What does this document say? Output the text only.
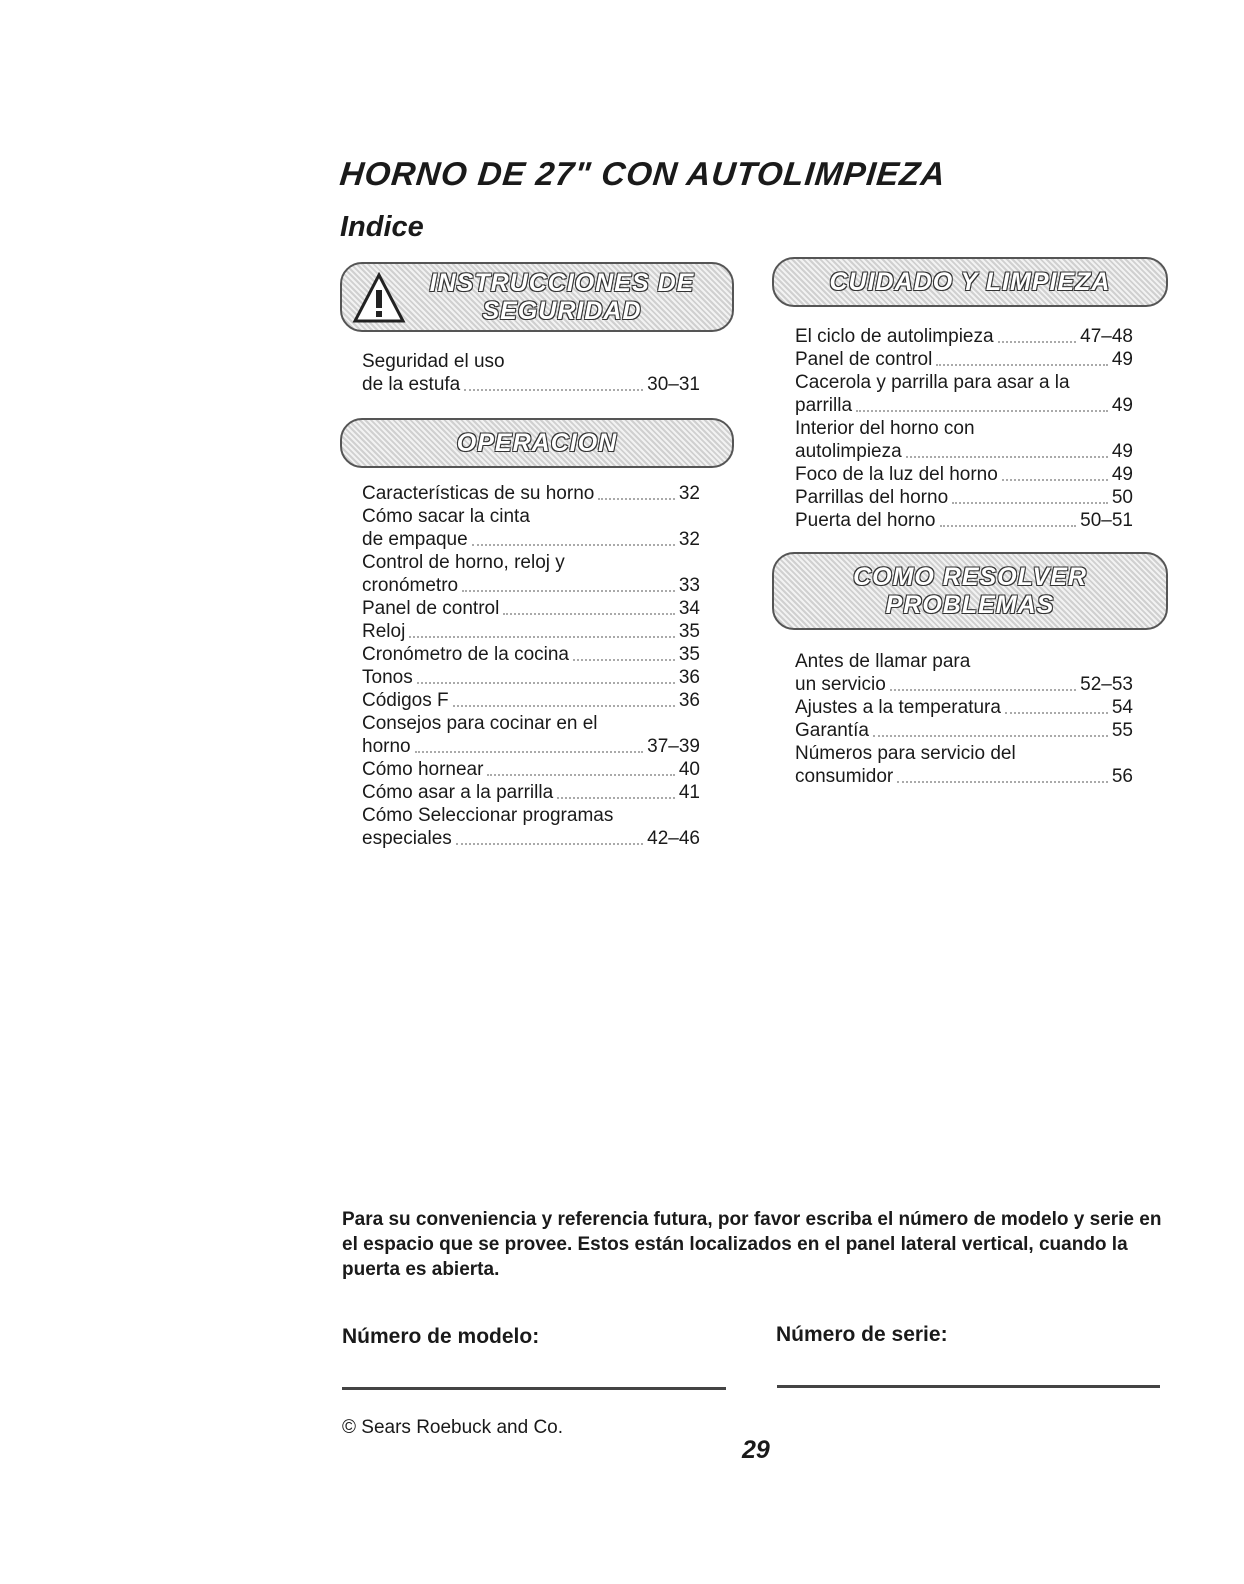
HORNO DE 27" CON AUTOLIMPIEZA
Indice
INSTRUCCIONES DE
SEGURIDAD
Seguridad el uso
de la estufa	30–31
OPERACION
Características de su horno	32
Cómo sacar la cinta
de empaque	32
Control de horno, reloj y
cronómetro	33
Panel de control	34
Reloj	35
Cronómetro de la cocina	35
Tonos	36
Códigos F	36
Consejos para cocinar en el
horno	37–39
Cómo hornear	40
Cómo asar a la parrilla	41
Cómo Seleccionar programas
especiales	42–46
CUIDADO Y LIMPIEZA
El ciclo de autolimpieza	47–48
Panel de control	49
Cacerola y parrilla para asar a la
parrilla	49
Interior del horno con
autolimpieza	49
Foco de la luz del horno	49
Parrillas del horno	50
Puerta del horno	50–51
COMO RESOLVER
PROBLEMAS
Antes de llamar para
un servicio	52–53
Ajustes a la temperatura	54
Garantía	55
Números para servicio del
consumidor	56
Para su conveniencia y referencia futura, por favor escriba el número de modelo y serie en el espacio que se provee. Estos están localizados en el panel lateral vertical, cuando la puerta es abierta.
Número de modelo:	Número de serie:
© Sears Roebuck and Co.
29
